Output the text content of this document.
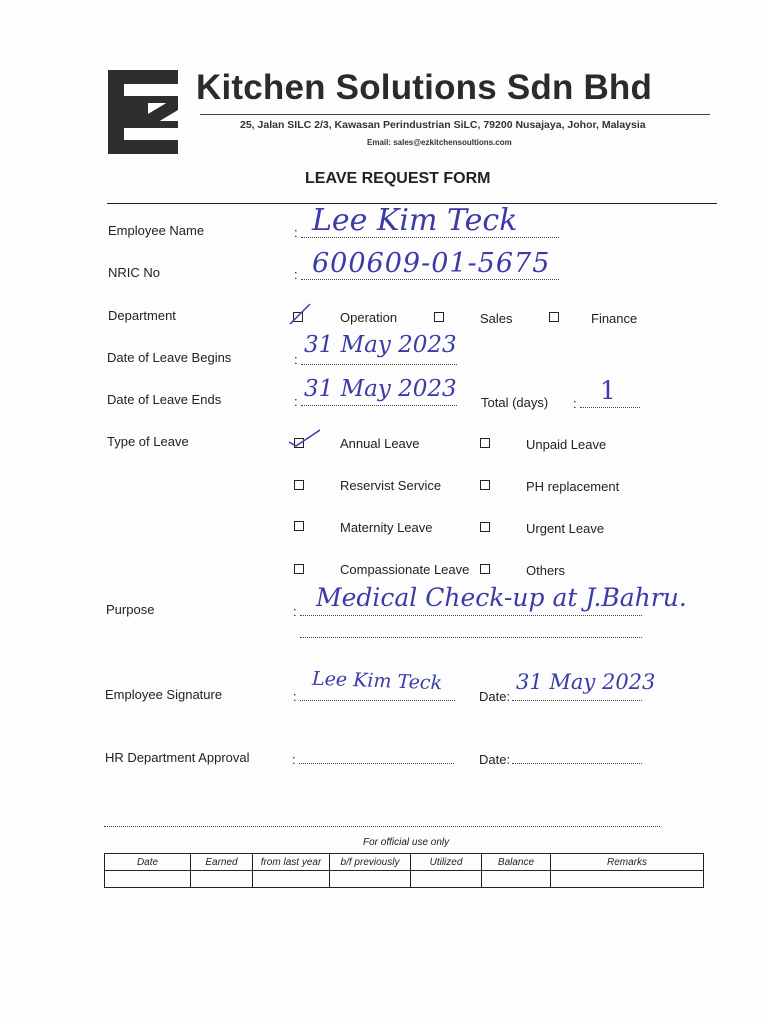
Kitchen Solutions Sdn Bhd
25, Jalan SILC 2/3, Kawasan Perindustrian SiLC, 79200 Nusajaya, Johor, Malaysia
Email: sales@ezkitchensoultions.com
LEAVE REQUEST FORM
Employee Name	: Lee Kim Teck
NRIC No	: 600609-01-5675
Department	Operation	Sales	Finance
Date of Leave Begins	:
31 May 2023
Date of Leave Ends	: 31 May 2023
Total (days) : 1
Type of Leave	Annual Leave	Unpaid Leave
Reservist Service	PH replacement
Maternity Leave	Urgent Leave
Compassionate Leave	Others
Purpose	: Medical Check-up at J.Bahru.
Employee Signature	:
Lee Kim Teck
Date:
31 May 2023
HR Department Approval	:	Date:
For official use only
Date	Earned	from last year	b/f previously	Utilized	Balance	Remarks
